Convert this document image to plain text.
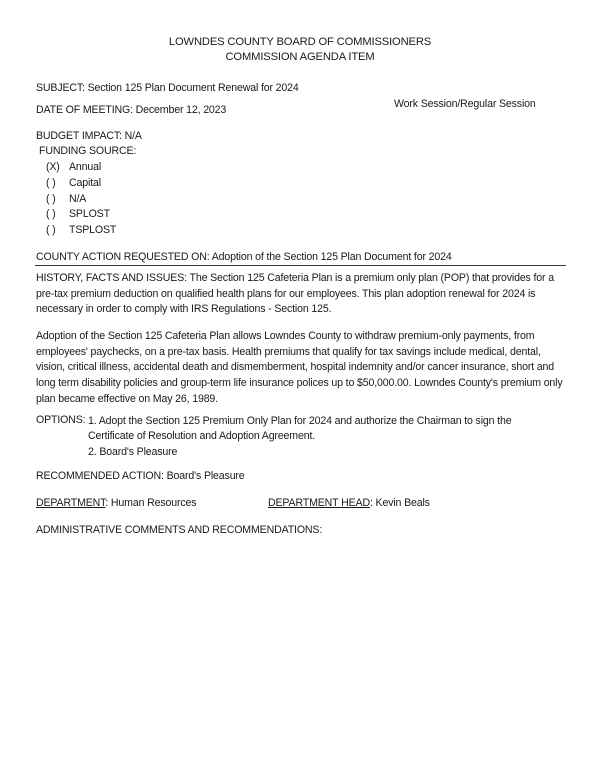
LOWNDES COUNTY BOARD OF COMMISSIONERS
COMMISSION AGENDA ITEM
SUBJECT: Section 125 Plan Document Renewal for 2024
DATE OF MEETING: December 12, 2023	Work Session/Regular Session
BUDGET IMPACT: N/A
FUNDING SOURCE:
(X) Annual
( ) Capital
( ) N/A
( ) SPLOST
( ) TSPLOST
COUNTY ACTION REQUESTED ON: Adoption of the Section 125 Plan Document for 2024
HISTORY, FACTS AND ISSUES: The Section 125 Cafeteria Plan is a premium only plan (POP) that provides for a pre-tax premium deduction on qualified health plans for our employees. This plan adoption renewal for 2024 is necessary in order to comply with IRS Regulations - Section 125.
Adoption of the Section 125 Cafeteria Plan allows Lowndes County to withdraw premium-only payments, from employees' paychecks, on a pre-tax basis. Health premiums that qualify for tax savings include medical, dental, vision, critical illness, accidental death and dismemberment, hospital indemnity and/or cancer insurance, short and long term disability policies and group-term life insurance polices up to $50,000.00. Lowndes County's premium only plan became effective on May 26, 1989.
OPTIONS: 1. Adopt the Section 125 Premium Only Plan for 2024 and authorize the Chairman to sign the
Certificate of Resolution and Adoption Agreement.
2. Board's Pleasure
RECOMMENDED ACTION: Board's Pleasure
DEPARTMENT: Human Resources	DEPARTMENT HEAD: Kevin Beals
ADMINISTRATIVE COMMENTS AND RECOMMENDATIONS:
